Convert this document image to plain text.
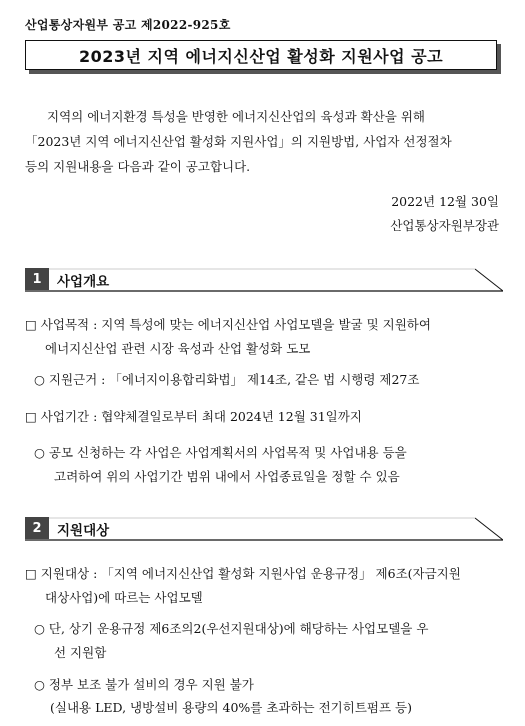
산업통상자원부 공고 제2022-925호
2023년 지역 에너지신산업 활성화 지원사업 공고
지역의 에너지환경 특성을 반영한 에너지신산업의 육성과 확산을 위해
「2023년 지역 에너지신산업 활성화 지원사업」의 지원방법, 사업자 선정절차
등의 지원내용을 다음과 같이 공고합니다.
2022년 12월 30일
산업통상자원부장관
1	사업개요
□ 사업목적 : 지역 특성에 맞는 에너지신산업 사업모델을 발굴 및 지원하여
에너지신산업 관련 시장 육성과 산업 활성화 도모
○ 지원근거 : 「에너지이용합리화법」 제14조, 같은 법 시행령 제27조
□ 사업기간 : 협약체결일로부터 최대 2024년 12월 31일까지
○ 공모 신청하는 각 사업은 사업계획서의 사업목적 및 사업내용 등을
고려하여 위의 사업기간 범위 내에서 사업종료일을 정할 수 있음
2	지원대상
□ 지원대상 : 「지역 에너지신산업 활성화 지원사업 운용규정」 제6조(자금지원
대상사업)에 따르는 사업모델
○ 단, 상기 운용규정 제6조의2(우선지원대상)에 해당하는 사업모델을 우
선 지원함
○ 정부 보조 불가 설비의 경우 지원 불가
(실내용 LED, 냉방설비 용량의 40%를 초과하는 전기히트펌프 등)
